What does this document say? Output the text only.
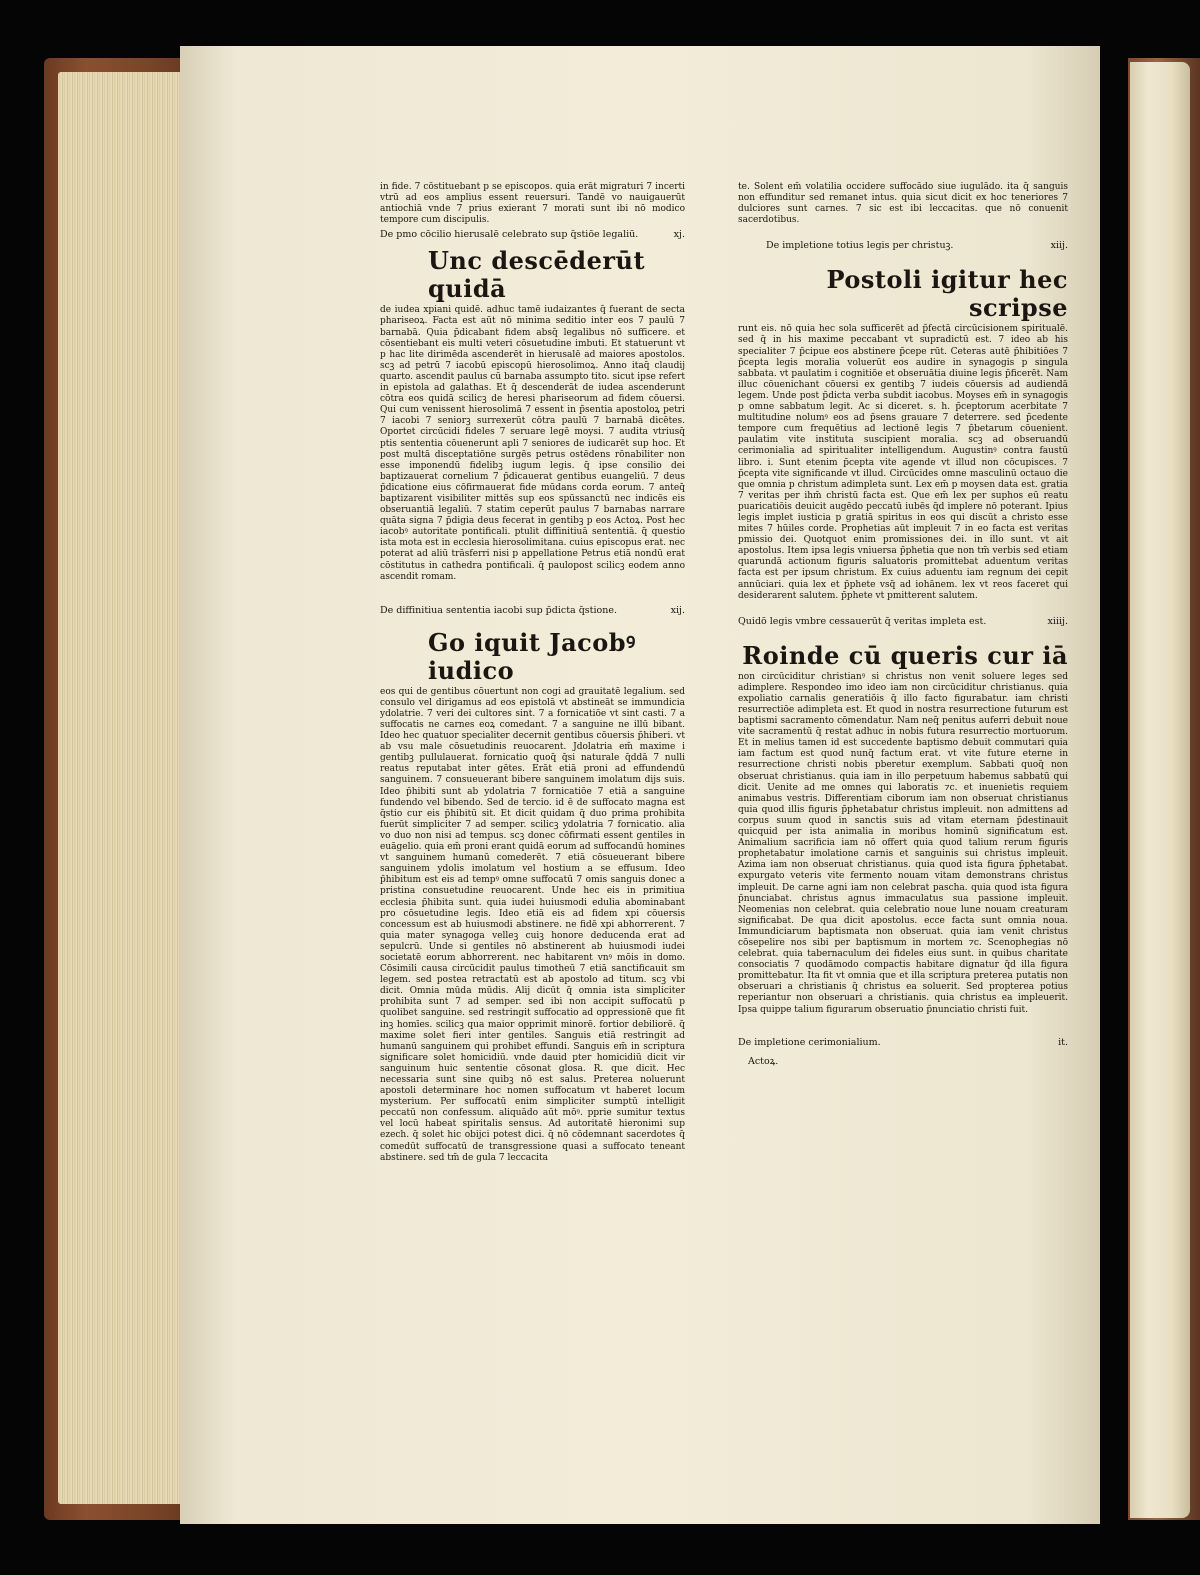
in fide. 7 cōstituebant p se episcopos. quia erāt migraturi 7 incerti vtrū ad eos amplius essent reuersuri. Tandē vo nauigauerūt antiochiā vnde 7 prius exierant 7 morati sunt ibi nō modico tempore cum discipulis.

De pmo cōcilio hierusalē celebrato sup q̄stiōe legaliū.	xj.
Unc descēderūt quidā

de iudea xpiani quidē. adhuc tamē iudaizantes q̄ fuerant de secta phariseoꝝ. Facta est aūt nō minima seditio inter eos 7 paulū 7 barnabā. Quia p̄dicabant fidem absq̄ legalibus nō sufficere. et cōsentiebant eis multi veteri cōsuetudine imbuti. Et statuerunt vt p hac lite dirimēda ascenderēt in hierusalē ad maiores apostolos. scꝫ ad petrū 7 iacobū episcopū hierosolimoꝝ. Anno itaq̄ claudij quarto. ascendit paulus cū barnaba assumpto tito. sicut ipse refert in epistola ad galathas. Et q̄ descenderāt de iudea ascenderunt cōtra eos quidā scilicꝫ de heresi phariseorum ad fidem cōuersi. Qui cum venissent hierosolimā 7 essent in p̄sentia apostoloꝝ petri 7 iacobi 7 seniorꝫ surrexerūt cōtra paulū 7 barnabā dicētes. Oportet circūcidi fideles 7 seruare legē moysi. 7 audita vtriusq̄ ptis sententia cōuenerunt apli 7 seniores de iudicarēt sup hoc. Et post multā disceptatiōne surgēs petrus ostēdens rōnabiliter non esse imponendū fidelibꝫ iugum legis. q̄ ipse consilio dei baptizauerat cornelium 7 p̄dicauerat gentibus euangeliū. 7 deus p̄dicatione eius cōfirmauerat fide mūdans corda eorum. 7 anteq̄ baptizarent visibiliter mittēs sup eos spūssanctū nec indicēs eis obseruantiā legaliū. 7 statim ceperūt paulus 7 barnabas narrare quāta signa 7 p̄digia deus fecerat in gentibꝫ p eos Actoꝝ. Post hec iacobꝰ autoritate pontificali. ptulit diffinitiuā sententiā. q̄ questio ista mota est in ecclesia hierosolimitana. cuius episcopus erat. nec poterat ad aliū trāsferri nisi p appellatione Petrus etiā nondū erat cōstitutus in cathedra pontificali. q̄ paulopost scilicꝫ eodem anno ascendit romam.

De diffinitiua sententia iacobi sup p̄dicta q̄stione.	xij.
Go iquit Jacobꝰ iudico

eos qui de gentibus cōuertunt non cogi ad grauitatē legalium. sed consulo vel dirigamus ad eos epistolā vt abstineāt se immundicia ydolatrie. 7 veri dei cultores sint. 7 a fornicatiōe vt sint casti. 7 a suffocatis ne carnes eoꝝ comedant. 7 a sanguine ne illū bibant. Ideo hec quatuor specialiter decernit gentibus cōuersis p̄hiberi. vt ab vsu male cōsuetudinis reuocarent. Jdolatria em̄ maxime i gentibꝫ pullulauerat. fornicatio quoq̄ q̄si naturale q̄ddā 7 nulli reatus reputabat inter gētes. Erāt etiā proni ad effundendū sanguinem. 7 consueuerant bibere sanguinem imolatum dijs suis. Ideo p̄hibiti sunt ab ydolatria 7 fornicatiōe 7 etiā a sanguine fundendo vel bibendo. Sed de tercio. id ē de suffocato magna est q̄stio cur eis p̄hibitū sit. Et dicit quidam q̄ duo prima prohibita fuerūt simpliciter 7 ad semper. scilicꝫ ydolatria 7 fornicatio. alia vo duo non nisi ad tempus. scꝫ donec cōfirmati essent gentiles in euāgelio. quia em̄ proni erant quidā eorum ad suffocandū homines vt sanguinem humanū comederēt. 7 etiā cōsueuerant bibere sanguinem ydolis imolatum vel hostium a se effusum. Ideo p̄hibitum est eis ad tempꝰ omne suffocatū 7 omis sanguis donec a pristina consuetudine reuocarent. Unde hec eis in primitiua ecclesia p̄hibita sunt. quia iudei huiusmodi edulia abominabant pro cōsuetudine legis. Ideo etiā eis ad fidem xpi cōuersis concessum est ab huiusmodi abstinere. ne fidē xpi abhorrerent. 7 quia mater synagoga velleꝫ cuiꝫ honore deducenda erat ad sepulcrū. Unde si gentiles nō abstinerent ab huiusmodi iudei societatē eorum abhorrerent. nec habitarent vnꝰ mōis in domo. Cōsimili causa circūcidit paulus timotheū 7 etiā sanctificauit sm legem. sed postea retractatū est ab apostolo ad titum. scꝫ vbi dicit. Omnia mūda mūdis. Alij dicūt q̄ omnia ista simpliciter prohibita sunt 7 ad semper. sed ibi non accipit suffocatū p quolibet sanguine. sed restringit suffocatio ad oppressionē que fit inꝫ homīes. scilicꝫ qua maior opprimit minorē. fortior debiliorē. q̄ maxime solet fieri inter gentiles. Sanguis etiā restringit ad humanū sanguinem qui prohibet effundi. Sanguis em̄ in scriptura significare solet homicidiū. vnde dauid pter homicidiū dicit vir sanguinum huic sententie cōsonat glosa. R. que dicit. Hec necessaria sunt sine quibꝫ nō est salus. Preterea noluerunt apostoli determinare hoc nomen suffocatum vt haberet locum mysterium. Per suffocatū enim simpliciter sumptū intelligit peccatū non confessum. aliquādo aūt mōꝰ. pprie sumitur textus vel locū habeat spiritalis sensus. Ad autoritatē hieronimi sup ezech. q̄ solet hic obijci potest dici. q̄ nō cōdemnant sacerdotes q̄ comedūt suffocatū de transgressione quasi a suffocato teneant abstinere. sed tm̄ de gula 7 leccacita

te. Solent em̄ volatilia occidere suffocādo siue iugulādo. ita q̄ sanguis non effunditur sed remanet intus. quia sicut dicit ex hoc teneriores 7 dulciores sunt carnes. 7 sic est ibi leccacitas. que nō conuenit sacerdotibus.

De impletione totius legis per christuꝫ.	xiij.
Postoli igitur hec scripse

runt eis. nō quia hec sola sufficerēt ad p̄fectā circūcisionem spiritualē. sed q̄ in his maxime peccabant vt supradictū est. 7 ideo ab his specialiter 7 p̄cipue eos abstinere p̄cepe rūt. Ceteras autē p̄hibitiōes 7 p̄cepta legis moralia voluerūt eos audire in synagogis p singula sabbata. vt paulatim i cognitiōe et obseruātia diuine legis p̄ficerēt. Nam illuc cōuenichant cōuersi ex gentibꝫ 7 iudeis cōuersis ad audiendā legem. Unde post p̄dicta verba subdit iacobus. Moyses em̄ in synagogis p omne sabbatum legit. Ac si diceret. s. h. p̄ceptorum acerbitate 7 multitudine nolumꝰ eos ad p̄sens grauare 7 deterrere. sed p̄cedente tempore cum frequētius ad lectionē legis 7 p̄betarum cōuenient. paulatim vite instituta suscipient moralia. scꝫ ad obseruandū cerimonialia ad spiritualiter intelligendum. Augustinꝰ contra faustū libro. i. Sunt etenim p̄cepta vite agende vt illud non cōcupisces. 7 p̄cepta vite significande vt illud. Circūcides omne masculinū octauo die que omnia p christum adimpleta sunt. Lex em̄ p moysen data est. gratia 7 veritas per ihm̄ christū facta est. Que em̄ lex per suphos eū reatu puaricatiōis deuicit augēdo peccatū iubēs q̄d implere nō poterant. Ipius legis implet iusticia p gratiā spiritus in eos qui discūt a christo esse mites 7 hūiles corde. Prophetias aūt impleuit 7 in eo facta est veritas pmissio dei. Quotquot enim promissiones dei. in illo sunt. vt ait apostolus. Item ipsa legis vniuersa p̄phetia que non tm̄ verbis sed etiam quarundā actionum figuris saluatoris promittebat aduentum veritas facta est per ipsum christum. Ex cuius aduentu iam regnum dei cepit annūciari. quia lex et p̄phete vsq̄ ad iohānem. lex vt reos faceret qui desiderarent salutem. p̄phete vt pmitterent salutem.

Quidō legis vmbre cessauerūt q̄ veritas impleta est.	xiiij.
Roinde cū queris cur iā

non circūciditur christianꝰ si christus non venit soluere leges sed adimplere. Respondeo imo ideo iam non circūciditur christianus. quia expoliatio carnalis generatiōis q̄ illo facto figurabatur. iam christi resurrectiōe adimpleta est. Et quod in nostra resurrectione futurum est baptismi sacramento cōmendatur. Nam neq̄ penitus auferri debuit noue vite sacramentū q̄ restat adhuc in nobis futura resurrectio mortuorum. Et in melius tamen id est succedente baptismo debuit commutari quia iam factum est quod nunq̄ factum erat. vt vite future eterne in resurrectione christi nobis pberetur exemplum. Sabbati quoq̄ non obseruat christianus. quia iam in illo perpetuum habemus sabbatū qui dicit. Uenite ad me omnes qui laboratis ⁊c. et inuenietis requiem animabus vestris. Differentiam ciborum iam non obseruat christianus quia quod illis figuris p̄phetabatur christus impleuit. non admittens ad corpus suum quod in sanctis suis ad vitam eternam p̄destinauit quicquid per ista animalia in moribus hominū significatum est. Animalium sacrificia iam nō offert quia quod talium rerum figuris prophetabatur imolatione carnis et sanguinis sui christus impleuit. Azima iam non obseruat christianus. quia quod ista figura p̄phetabat. expurgato veteris vite fermento nouam vitam demonstrans christus impleuit. De carne agni iam non celebrat pascha. quia quod ista figura p̄nunciabat. christus agnus immaculatus sua passione impleuit. Neomenias non celebrat. quia celebratio noue lune nouam creaturam significabat. De qua dicit apostolus. ecce facta sunt omnia noua. Immundiciarum baptismata non obseruat. quia iam venit christus cōsepelire nos sibi per baptismum in mortem ⁊c. Scenophegias nō celebrat. quia tabernaculum dei fideles eius sunt. in quibus charitate consociatis 7 quodāmodo compactis habitare dignatur q̄d illa figura promittebatur. Ita fit vt omnia que et illa scriptura preterea putatis non obseruari a christianis q̄ christus ea soluerit. Sed propterea potius reperiantur non obseruari a christianis. quia christus ea impleuerit. Ipsa quippe talium figurarum obseruatio p̄nunciatio christi fuit.

De impletione cerimonialium.	it.
Actoꝝ.
